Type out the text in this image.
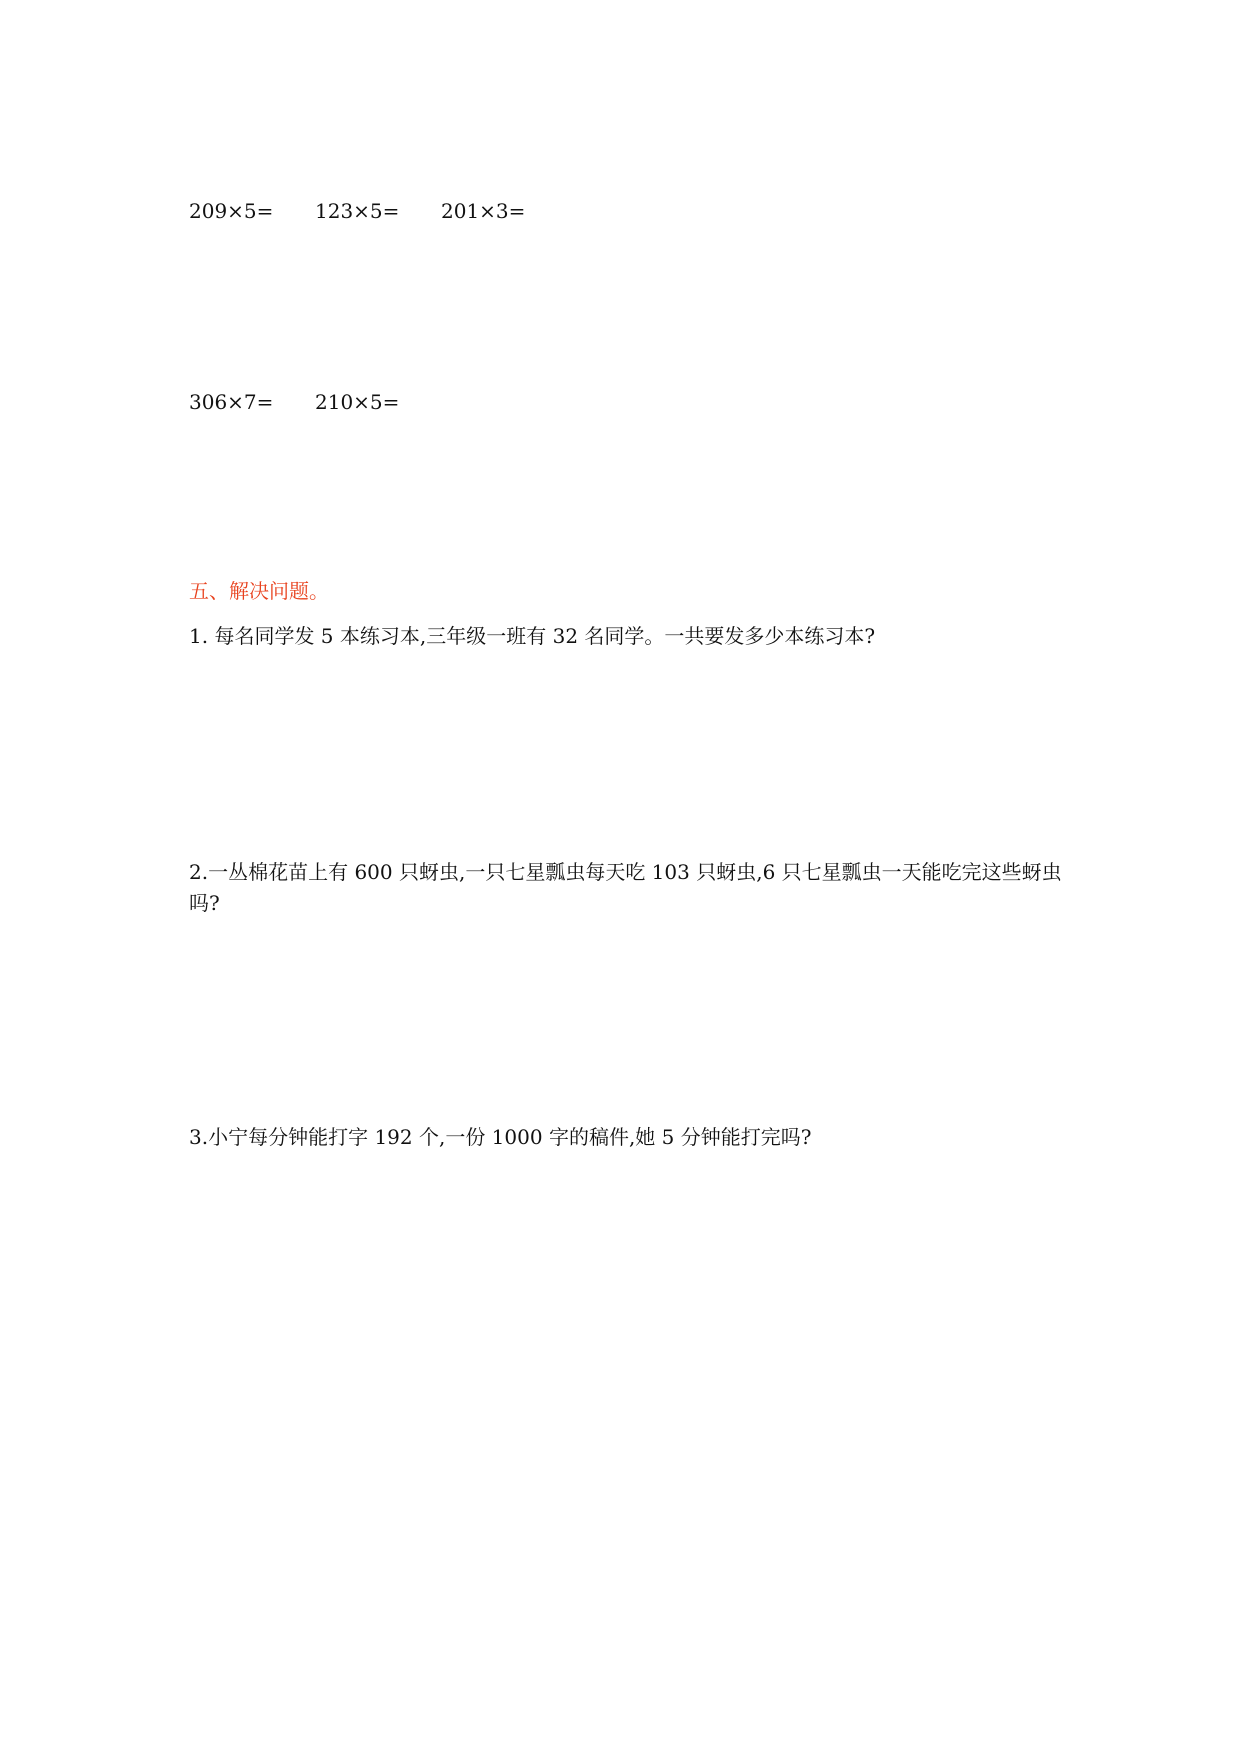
209×5= 123×5= 201×3=
306×7= 210×5=
五、解决问题。
1. 每名同学发 5 本练习本,三年级一班有 32 名同学。一共要发多少本练习本?
2.一丛棉花苗上有 600 只蚜虫,一只七星瓢虫每天吃 103 只蚜虫,6 只七星瓢虫一天能吃完这些蚜虫吗?
3.小宁每分钟能打字 192 个,一份 1000 字的稿件,她 5 分钟能打完吗?
